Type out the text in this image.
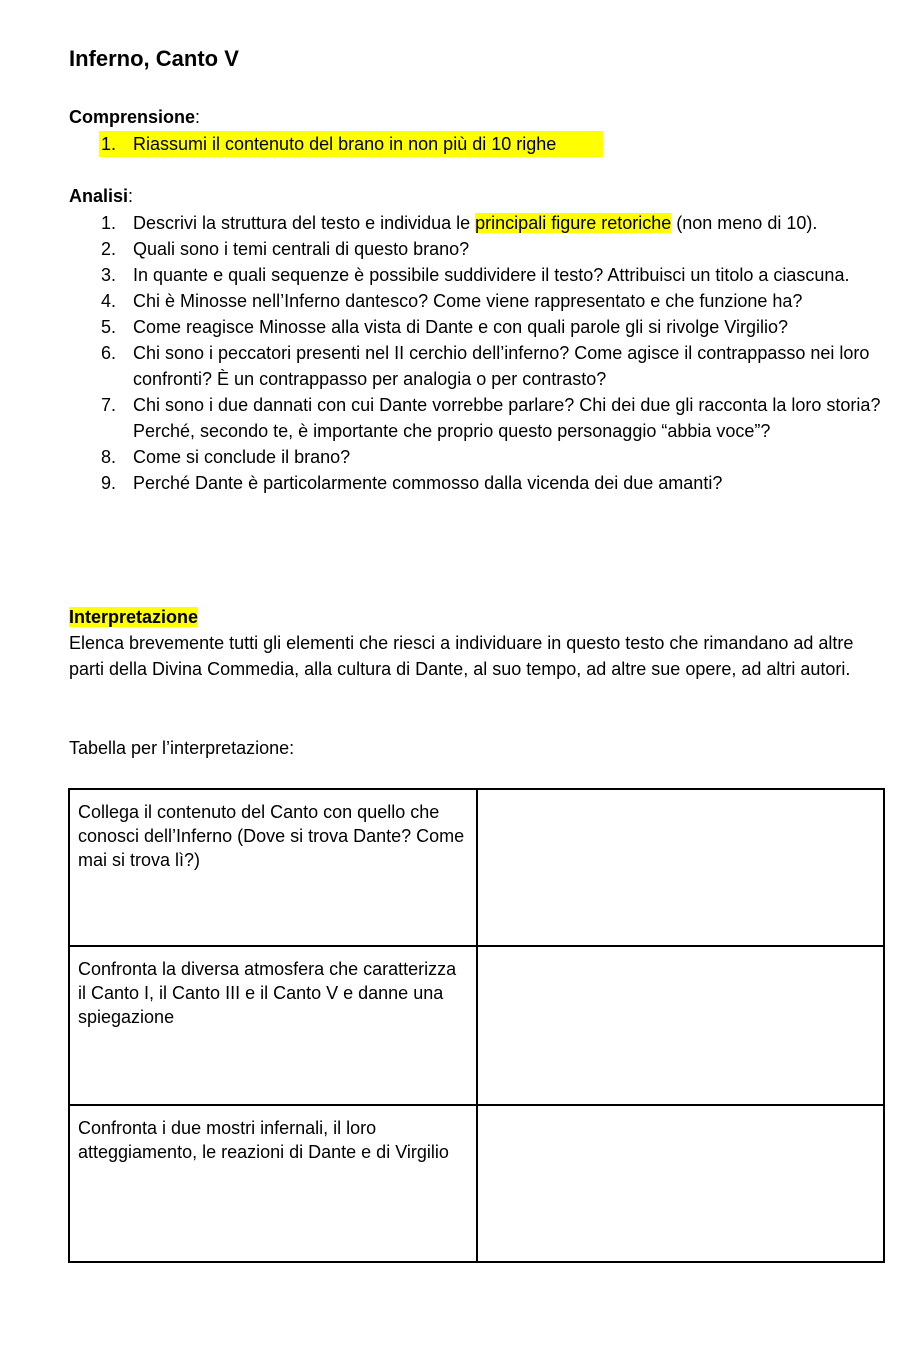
Inferno, Canto V

Comprensione:

1. Riassumi il contenuto del brano in non più di 10 righe

Analisi:

1. Descrivi la struttura del testo e individua le principali figure retoriche (non meno di 10).
2. Quali sono i temi centrali di questo brano?
3. In quante e quali sequenze è possibile suddividere il testo? Attribuisci un titolo a ciascuna.
4. Chi è Minosse nell’Inferno dantesco? Come viene rappresentato e che funzione ha?
5. Come reagisce Minosse alla vista di Dante e con quali parole gli si rivolge Virgilio?
6. Chi sono i peccatori presenti nel II cerchio dell’inferno? Come agisce il contrappasso nei loro confronti? È un contrappasso per analogia o per contrasto?
7. Chi sono i due dannati con cui Dante vorrebbe parlare? Chi dei due gli racconta la loro storia? Perché, secondo te, è importante che proprio questo personaggio “abbia voce”?
8. Come si conclude il brano?
9. Perché Dante è particolarmente commosso dalla vicenda dei due amanti?

Interpretazione

Elenca brevemente tutti gli elementi che riesci a individuare in questo testo che rimandano ad altre parti della Divina Commedia, alla cultura di Dante, al suo tempo, ad altre sue opere, ad altri autori.

Tabella per l’interpretazione:

Collega il contenuto del Canto con quello che conosci dell’Inferno (Dove si trova Dante? Come mai si trova lì?)	
Confronta la diversa atmosfera che caratterizza il Canto I, il Canto III e il Canto V e danne una spiegazione	
Confronta i due mostri infernali, il loro atteggiamento, le reazioni di Dante e di Virgilio	
